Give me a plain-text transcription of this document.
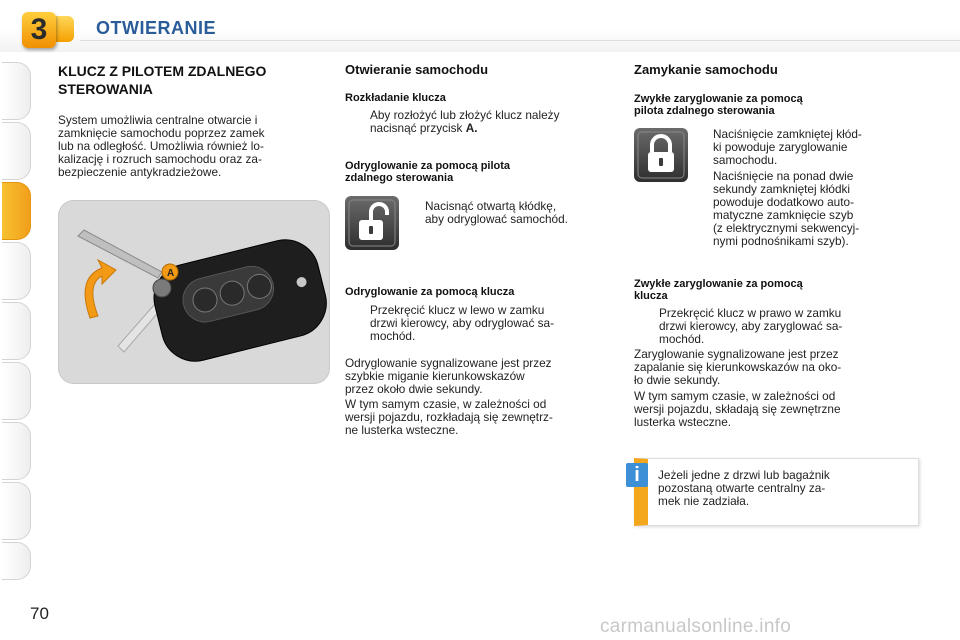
3	OTWIERANIE
KLUCZ Z PILOTEM ZDALNEGO
STEROWANIA
System umożliwia centralne otwarcie i
zamknięcie samochodu poprzez zamek
lub na odległość. Umożliwia również lo-
kalizację i rozruch samochodu oraz za-
bezpieczenie antykradzieżowe.
A
Otwieranie samochodu
Rozkładanie klucza
Aby rozłożyć lub złożyć klucz należy
nacisnąć przycisk A.
Odryglowanie za pomocą pilota
zdalnego sterowania
Nacisnąć otwartą kłódkę,
aby odryglować samochód.
Odryglowanie za pomocą klucza
Przekręcić klucz w lewo w zamku
drzwi kierowcy, aby odryglować sa-
mochód.
Odryglowanie sygnalizowane jest przez
szybkie miganie kierunkowskazów
przez około dwie sekundy.
W tym samym czasie, w zależności od
wersji pojazdu, rozkładają się zewnętrz-
ne lusterka wsteczne.
Zamykanie samochodu
Zwykłe zaryglowanie za pomocą
pilota zdalnego sterowania
Naciśnięcie zamkniętej kłód-
ki powoduje zaryglowanie
samochodu.
Naciśnięcie na ponad dwie
sekundy zamkniętej kłódki
powoduje dodatkowo auto-
matyczne zamknięcie szyb
(z elektrycznymi sekwencyj-
nymi podnośnikami szyb).
Zwykłe zaryglowanie za pomocą
klucza
Przekręcić klucz w prawo w zamku
drzwi kierowcy, aby zaryglować sa-
mochód.
Zaryglowanie sygnalizowane jest przez
zapalanie się kierunkowskazów na oko-
ło dwie sekundy.
W tym samym czasie, w zależności od
wersji pojazdu, składają się zewnętrzne
lusterka wsteczne.
Jeżeli jedne z drzwi lub bagażnik
pozostaną otwarte centralny za-
mek nie zadziała.
i
70
carmanualsonline.info
